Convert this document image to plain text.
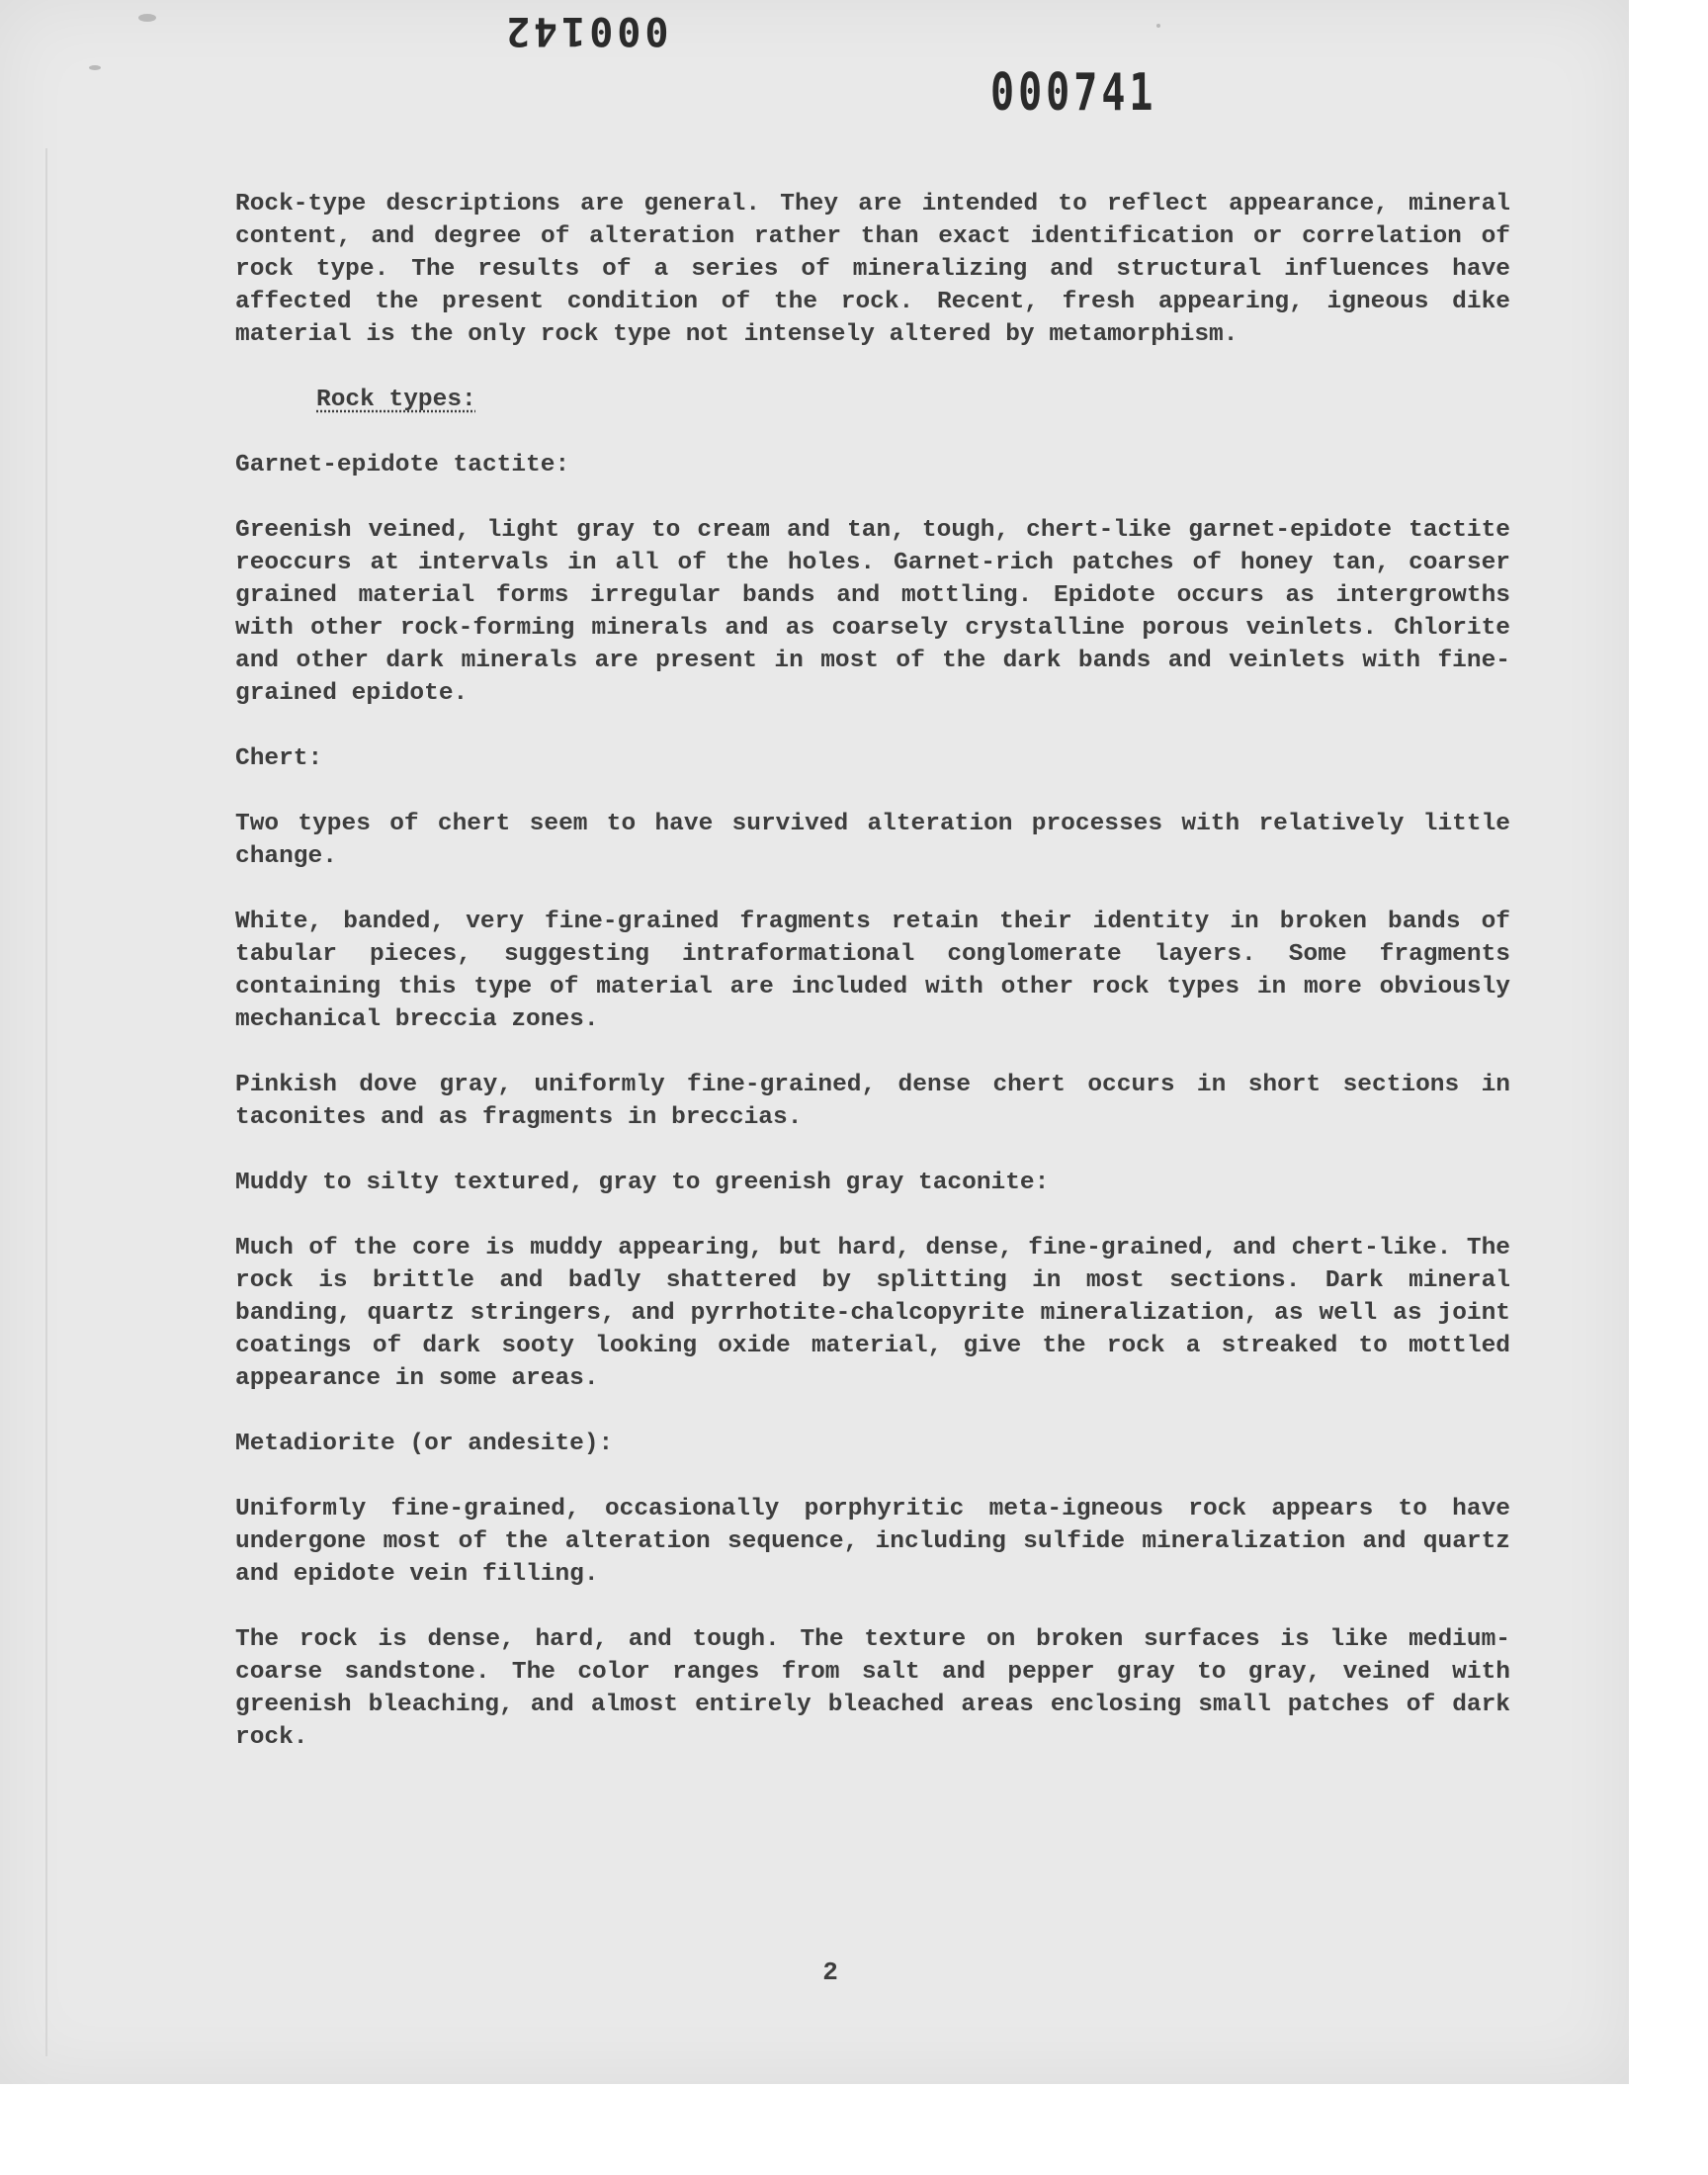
000142
000741

Rock-type descriptions are general. They are intended to reflect appearance, mineral content, and degree of alteration rather than exact identification or correlation of rock type. The results of a series of mineralizing and structural influences have affected the present condition of the rock. Recent, fresh appearing, igneous dike material is the only rock type not intensely altered by metamorphism.

Rock types:

Garnet-epidote tactite:

Greenish veined, light gray to cream and tan, tough, chert-like garnet-epidote tactite reoccurs at intervals in all of the holes. Garnet-rich patches of honey tan, coarser grained material forms irregular bands and mottling. Epidote occurs as intergrowths with other rock-forming minerals and as coarsely crystalline porous veinlets. Chlorite and other dark minerals are present in most of the dark bands and veinlets with fine-grained epidote.

Chert:

Two types of chert seem to have survived alteration processes with relatively little change.

White, banded, very fine-grained fragments retain their identity in broken bands of tabular pieces, suggesting intraformational conglomerate layers. Some fragments containing this type of material are included with other rock types in more obviously mechanical breccia zones.

Pinkish dove gray, uniformly fine-grained, dense chert occurs in short sections in taconites and as fragments in breccias.

Muddy to silty textured, gray to greenish gray taconite:

Much of the core is muddy appearing, but hard, dense, fine-grained, and chert-like. The rock is brittle and badly shattered by splitting in most sections. Dark mineral banding, quartz stringers, and pyrrhotite-chalcopyrite mineralization, as well as joint coatings of dark sooty looking oxide material, give the rock a streaked to mottled appearance in some areas.

Metadiorite (or andesite):

Uniformly fine-grained, occasionally porphyritic meta-igneous rock appears to have undergone most of the alteration sequence, including sulfide mineralization and quartz and epidote vein filling.

The rock is dense, hard, and tough. The texture on broken surfaces is like medium-coarse sandstone. The color ranges from salt and pepper gray to gray, veined with greenish bleaching, and almost entirely bleached areas enclosing small patches of dark rock.

2
